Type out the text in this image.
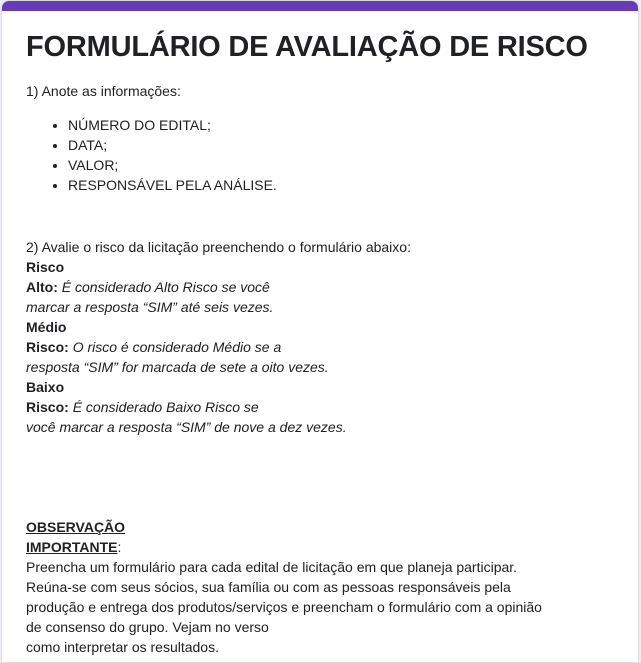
FORMULÁRIO DE AVALIAÇÃO DE RISCO
1) Anote as informações:
• NÚMERO DO EDITAL;
• DATA;
• VALOR;
• RESPONSÁVEL PELA ANÁLISE.
2) Avalie o risco da licitação preenchendo o formulário abaixo:
Risco
Alto: É considerado Alto Risco se você
marcar a resposta “SIM” até seis vezes.
Médio
Risco: O risco é considerado Médio se a
resposta “SIM” for marcada de sete a oito vezes.
Baixo
Risco: É considerado Baixo Risco se
você marcar a resposta “SIM” de nove a dez vezes.
OBSERVAÇÃO
IMPORTANTE:
Preencha um formulário para cada edital de licitação em que planeja participar.
Reúna-se com seus sócios, sua família ou com as pessoas responsáveis pela
produção e entrega dos produtos/serviços e preencham o formulário com a opinião
de consenso do grupo. Vejam no verso
como interpretar os resultados.
